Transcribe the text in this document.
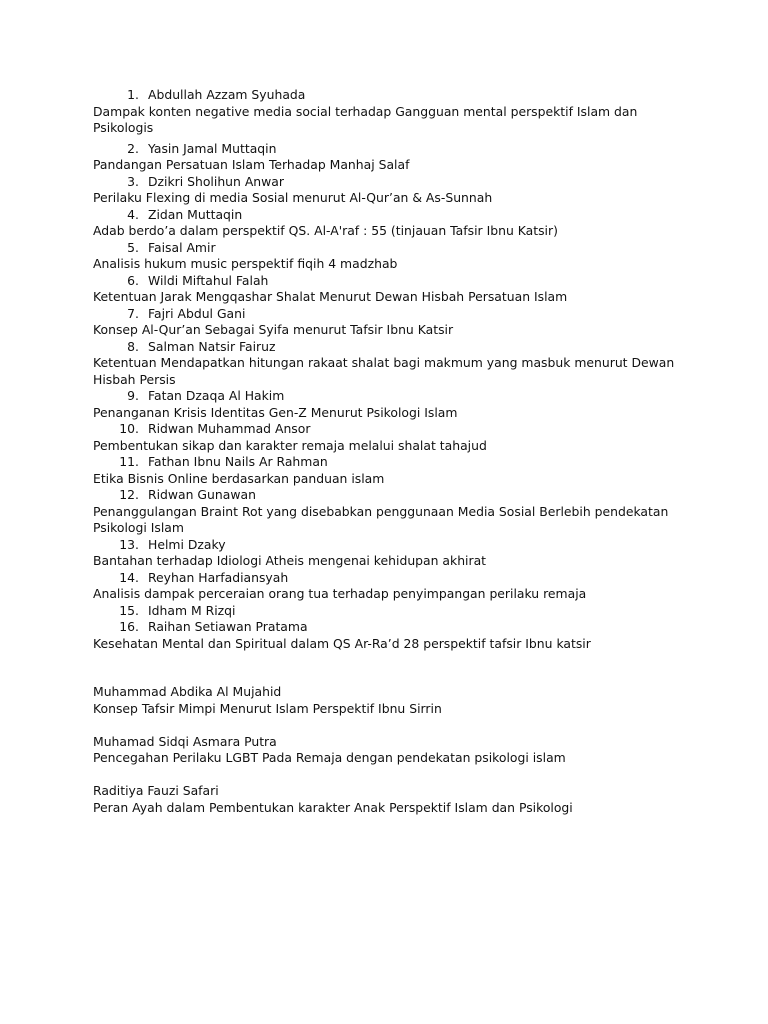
1. Abdullah Azzam Syuhada
Dampak konten negative media social terhadap Gangguan mental perspektif Islam dan Psikologis
2. Yasin Jamal Muttaqin
Pandangan Persatuan Islam Terhadap Manhaj Salaf
3. Dzikri Sholihun Anwar
Perilaku Flexing di media Sosial menurut Al-Qur’an & As-Sunnah
4. Zidan Muttaqin
Adab berdo’a dalam perspektif QS. Al-A'raf : 55 (tinjauan Tafsir Ibnu Katsir)
5. Faisal Amir
Analisis hukum music perspektif fiqih 4 madzhab
6. Wildi Miftahul Falah
Ketentuan Jarak Mengqashar Shalat Menurut Dewan Hisbah Persatuan Islam
7. Fajri Abdul Gani
Konsep Al-Qur’an Sebagai Syifa menurut Tafsir Ibnu Katsir
8. Salman Natsir Fairuz
Ketentuan Mendapatkan hitungan rakaat shalat bagi makmum yang masbuk menurut Dewan Hisbah Persis
9. Fatan Dzaqa Al Hakim
Penanganan Krisis Identitas Gen-Z Menurut Psikologi Islam
10. Ridwan Muhammad Ansor
Pembentukan sikap dan karakter remaja melalui shalat tahajud
11. Fathan Ibnu Nails Ar Rahman
Etika Bisnis Online berdasarkan panduan islam
12. Ridwan Gunawan
Penanggulangan Braint Rot yang disebabkan penggunaan Media Sosial Berlebih pendekatan Psikologi Islam
13. Helmi Dzaky
Bantahan terhadap Idiologi Atheis mengenai kehidupan akhirat
14. Reyhan Harfadiansyah
Analisis dampak perceraian orang tua terhadap penyimpangan perilaku remaja
15. Idham M Rizqi
16. Raihan Setiawan Pratama
Kesehatan Mental dan Spiritual dalam QS Ar-Ra’d 28 perspektif tafsir Ibnu katsir
Muhammad Abdika Al Mujahid
Konsep Tafsir Mimpi Menurut Islam Perspektif Ibnu Sirrin
Muhamad Sidqi Asmara Putra
Pencegahan Perilaku LGBT Pada Remaja dengan pendekatan psikologi islam
Raditiya Fauzi Safari
Peran Ayah dalam Pembentukan karakter Anak Perspektif Islam dan Psikologi
